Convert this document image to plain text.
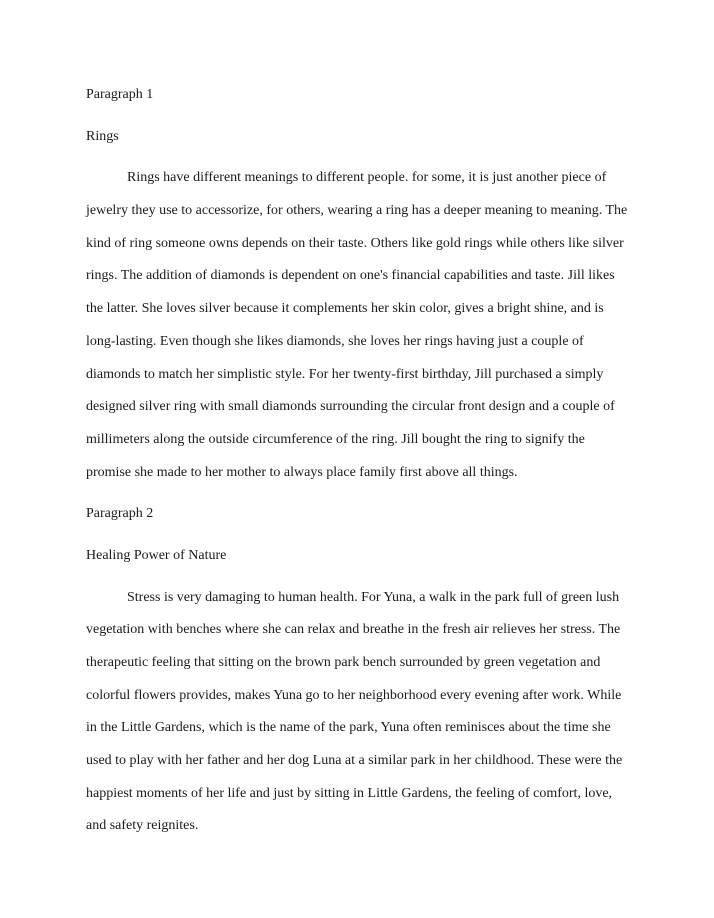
Paragraph 1
Rings
Rings have different meanings to different people. for some, it is just another piece of
jewelry they use to accessorize, for others, wearing a ring has a deeper meaning to meaning. The
kind of ring someone owns depends on their taste. Others like gold rings while others like silver
rings. The addition of diamonds is dependent on one's financial capabilities and taste. Jill likes
the latter. She loves silver because it complements her skin color, gives a bright shine, and is
long-lasting. Even though she likes diamonds, she loves her rings having just a couple of
diamonds to match her simplistic style. For her twenty-first birthday, Jill purchased a simply
designed silver ring with small diamonds surrounding the circular front design and a couple of
millimeters along the outside circumference of the ring. Jill bought the ring to signify the
promise she made to her mother to always place family first above all things.
Paragraph 2
Healing Power of Nature
Stress is very damaging to human health. For Yuna, a walk in the park full of green lush
vegetation with benches where she can relax and breathe in the fresh air relieves her stress. The
therapeutic feeling that sitting on the brown park bench surrounded by green vegetation and
colorful flowers provides, makes Yuna go to her neighborhood every evening after work. While
in the Little Gardens, which is the name of the park, Yuna often reminisces about the time she
used to play with her father and her dog Luna at a similar park in her childhood. These were the
happiest moments of her life and just by sitting in Little Gardens, the feeling of comfort, love,
and safety reignites.
